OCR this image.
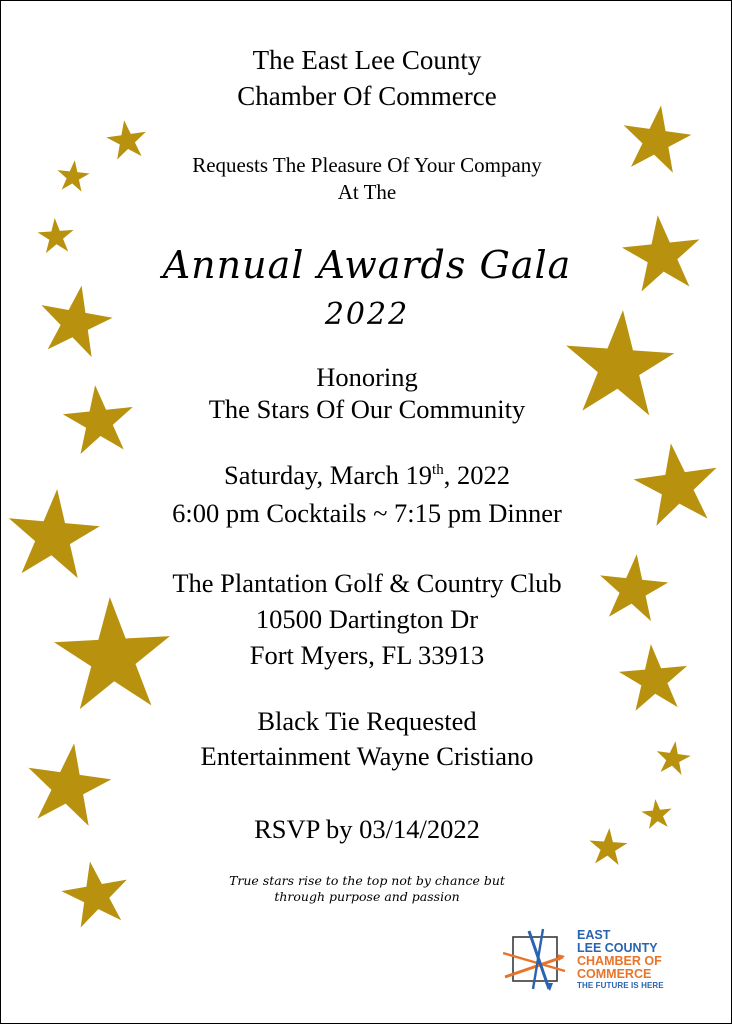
The East Lee County
Chamber Of Commerce
Requests The Pleasure Of Your Company
At The
Annual Awards Gala
2022
Honoring
The Stars Of Our Community
Saturday, March 19th, 2022
6:00 pm Cocktails ~ 7:15 pm Dinner
The Plantation Golf & Country Club
10500 Dartington Dr
Fort Myers, FL 33913
Black Tie Requested
Entertainment Wayne Cristiano
RSVP by 03/14/2022
True stars rise to the top not by chance but
through purpose and passion
EAST
LEE COUNTY
CHAMBER OF
COMMERCE
THE FUTURE IS HERE
